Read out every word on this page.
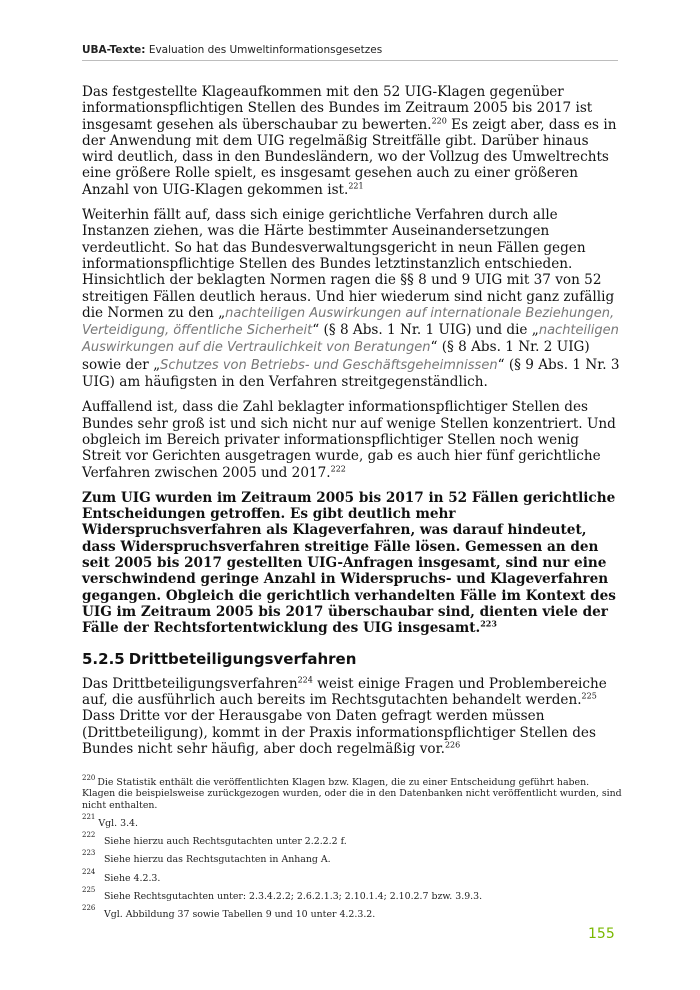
UBA-Texte: Evaluation des Umweltinformationsgesetzes

Das festgestellte Klageaufkommen mit den 52 UIG-Klagen gegenüber informationspflichtigen Stellen des Bundes im Zeitraum 2005 bis 2017 ist insgesamt gesehen als überschaubar zu bewerten.$^{220}$ Es zeigt aber, dass es in der Anwendung mit dem UIG regelmäßig Streitfälle gibt. Darüber hinaus wird deutlich, dass in den Bundesländern, wo der Vollzug des Umweltrechts eine größere Rolle spielt, es insgesamt gesehen auch zu einer größeren Anzahl von UIG-Klagen gekommen ist.$^{221}$

Weiterhin fällt auf, dass sich einige gerichtliche Verfahren durch alle Instanzen ziehen, was die Härte bestimmter Auseinandersetzungen verdeutlicht. So hat das Bundesverwaltungsgericht in neun Fällen gegen informationspflichtige Stellen des Bundes letztinstanzlich entschieden. Hinsichtlich der beklagten Normen ragen die §§ 8 und 9 UIG mit 37 von 52 streitigen Fällen deutlich heraus. Und hier wiederum sind nicht ganz zufällig die Normen zu den „nachteiligen Auswirkungen auf internationale Beziehungen, Verteidigung, öffentliche Sicherheit“ (§ 8 Abs. 1 Nr. 1 UIG) und die „nachteiligen Auswirkungen auf die Vertraulichkeit von Beratungen“ (§ 8 Abs. 1 Nr. 2 UIG) sowie der „Schutzes von Betriebs- und Geschäftsgeheimnissen“ (§ 9 Abs. 1 Nr. 3 UIG) am häufigsten in den Verfahren streitgegenständlich.

Auffallend ist, dass die Zahl beklagter informationspflichtiger Stellen des Bundes sehr groß ist und sich nicht nur auf wenige Stellen konzentriert. Und obgleich im Bereich privater informationspflichtiger Stellen noch wenig Streit vor Gerichten ausgetragen wurde, gab es auch hier fünf gerichtliche Verfahren zwischen 2005 und 2017.$^{222}$

Zum UIG wurden im Zeitraum 2005 bis 2017 in 52 Fällen gerichtliche Entscheidungen getroffen. Es gibt deutlich mehr Widerspruchsverfahren als Klageverfahren, was darauf hindeutet, dass Widerspruchsverfahren streitige Fälle lösen. Gemessen an den seit 2005 bis 2017 gestellten UIG-Anfragen insgesamt, sind nur eine verschwindend geringe Anzahl in Widerspruchs- und Klageverfahren gegangen. Obgleich die gerichtlich verhandelten Fälle im Kontext des UIG im Zeitraum 2005 bis 2017 überschaubar sind, dienten viele der Fälle der Rechtsfortentwicklung des UIG insgesamt.$^{223}$

5.2.5 Drittbeteiligungsverfahren

Das Drittbeteiligungsverfahren$^{224}$ weist einige Fragen und Problembereiche auf, die ausführlich auch bereits im Rechtsgutachten behandelt werden.$^{225}$ Dass Dritte vor der Herausgabe von Daten gefragt werden müssen (Drittbeteiligung), kommt in der Praxis informationspflichtiger Stellen des Bundes nicht sehr häufig, aber doch regelmäßig vor.$^{226}$

220 Die Statistik enthält die veröffentlichten Klagen bzw. Klagen, die zu einer Entscheidung geführt haben. Klagen die beispielsweise zurückgezogen wurden, oder die in den Datenbanken nicht veröffentlicht wurden, sind nicht enthalten.
221
Vgl. 3.4.
222
Siehe hierzu auch Rechtsgutachten unter 2.2.2.2 f.
223
Siehe hierzu das Rechtsgutachten in Anhang A.
224
Siehe 4.2.3.
225
Siehe Rechtsgutachten unter: 2.3.4.2.2; 2.6.2.1.3; 2.10.1.4; 2.10.2.7 bzw. 3.9.3.
226
Vgl. Abbildung 37 sowie Tabellen 9 und 10 unter 4.2.3.2.
155
